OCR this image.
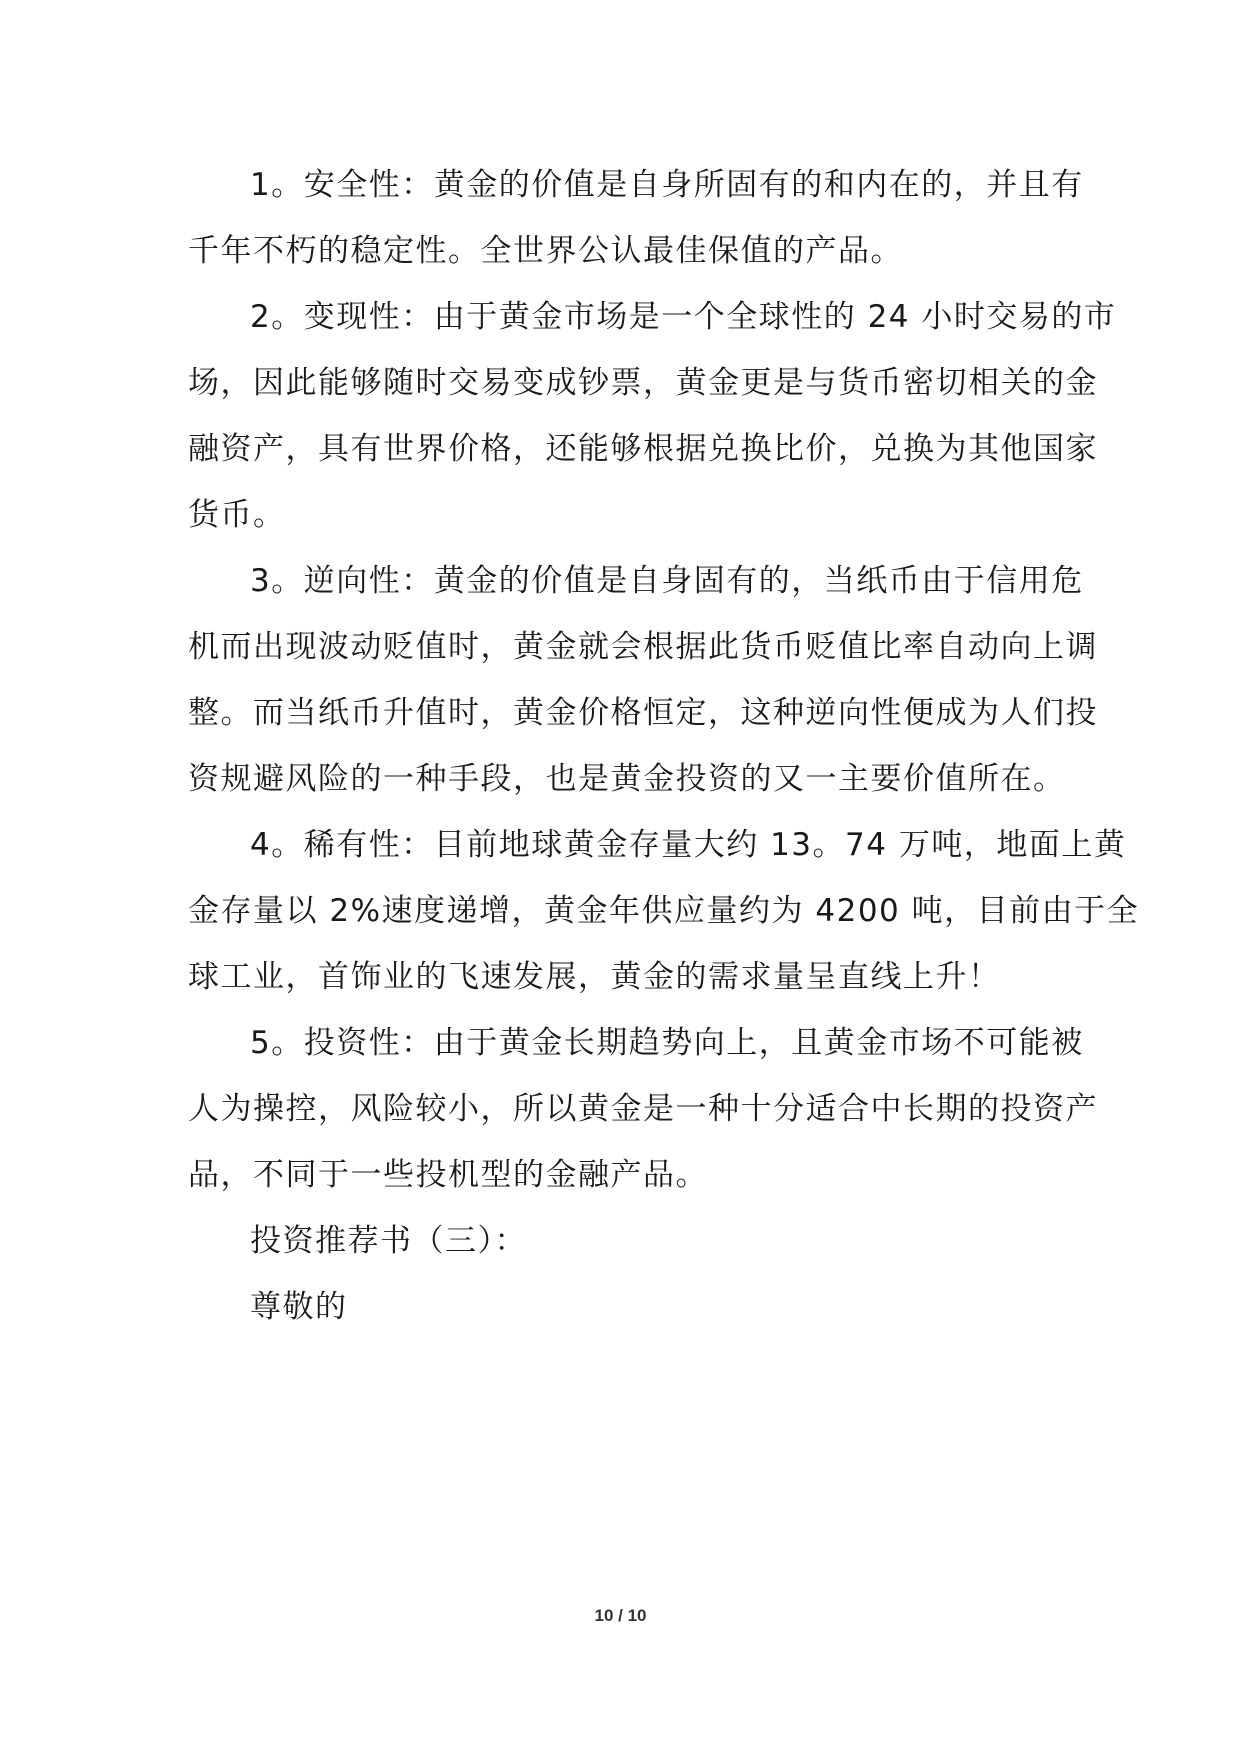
1。安全性：黄金的价值是自身所固有的和内在的，并且有
千年不朽的稳定性。全世界公认最佳保值的产品。

2。变现性：由于黄金市场是一个全球性的 24 小时交易的市
场，因此能够随时交易变成钞票，黄金更是与货币密切相关的金
融资产，具有世界价格，还能够根据兑换比价，兑换为其他国家
货币。

3。逆向性：黄金的价值是自身固有的，当纸币由于信用危
机而出现波动贬值时，黄金就会根据此货币贬值比率自动向上调
整。而当纸币升值时，黄金价格恒定，这种逆向性便成为人们投
资规避风险的一种手段，也是黄金投资的又一主要价值所在。

4。稀有性：目前地球黄金存量大约 13。74 万吨，地面上黄
金存量以 2%速度递增，黄金年供应量约为 4200 吨，目前由于全
球工业，首饰业的飞速发展，黄金的需求量呈直线上升！

5。投资性：由于黄金长期趋势向上，且黄金市场不可能被
人为操控，风险较小，所以黄金是一种十分适合中长期的投资产
品，不同于一些投机型的金融产品。

投资推荐书（三）：

尊敬的

10 / 10
